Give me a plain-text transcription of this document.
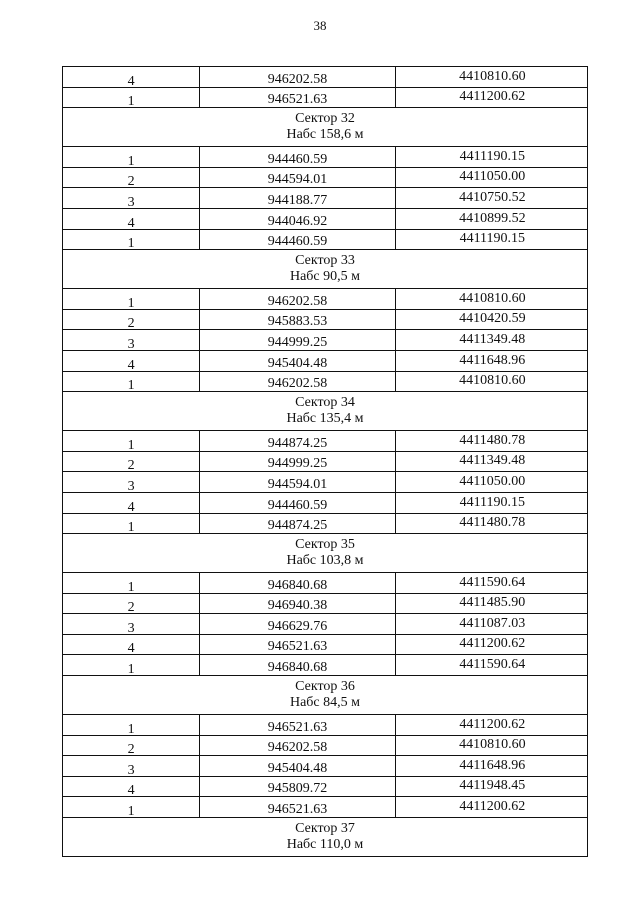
38
4	946202.58	4410810.60

1	946521.63	4411200.62

Сектор 32
Набс 158,6 м		

1	944460.59	4411190.15

2	944594.01	4411050.00

3	944188.77	4410750.52

4	944046.92	4410899.52

1	944460.59	4411190.15

Сектор 33
Набс 90,5 м		

1	946202.58	4410810.60

2	945883.53	4410420.59

3	944999.25	4411349.48

4	945404.48	4411648.96

1	946202.58	4410810.60

Сектор 34
Набс 135,4 м		

1	944874.25	4411480.78

2	944999.25	4411349.48

3	944594.01	4411050.00

4	944460.59	4411190.15

1	944874.25	4411480.78

Сектор 35
Набс 103,8 м		

1	946840.68	4411590.64

2	946940.38	4411485.90

3	946629.76	4411087.03

4	946521.63	4411200.62

1	946840.68	4411590.64

Сектор 36
Набс 84,5 м		

1	946521.63	4411200.62

2	946202.58	4410810.60

3	945404.48	4411648.96

4	945809.72	4411948.45

1	946521.63	4411200.62

Сектор 37
Набс 110,0 м		
